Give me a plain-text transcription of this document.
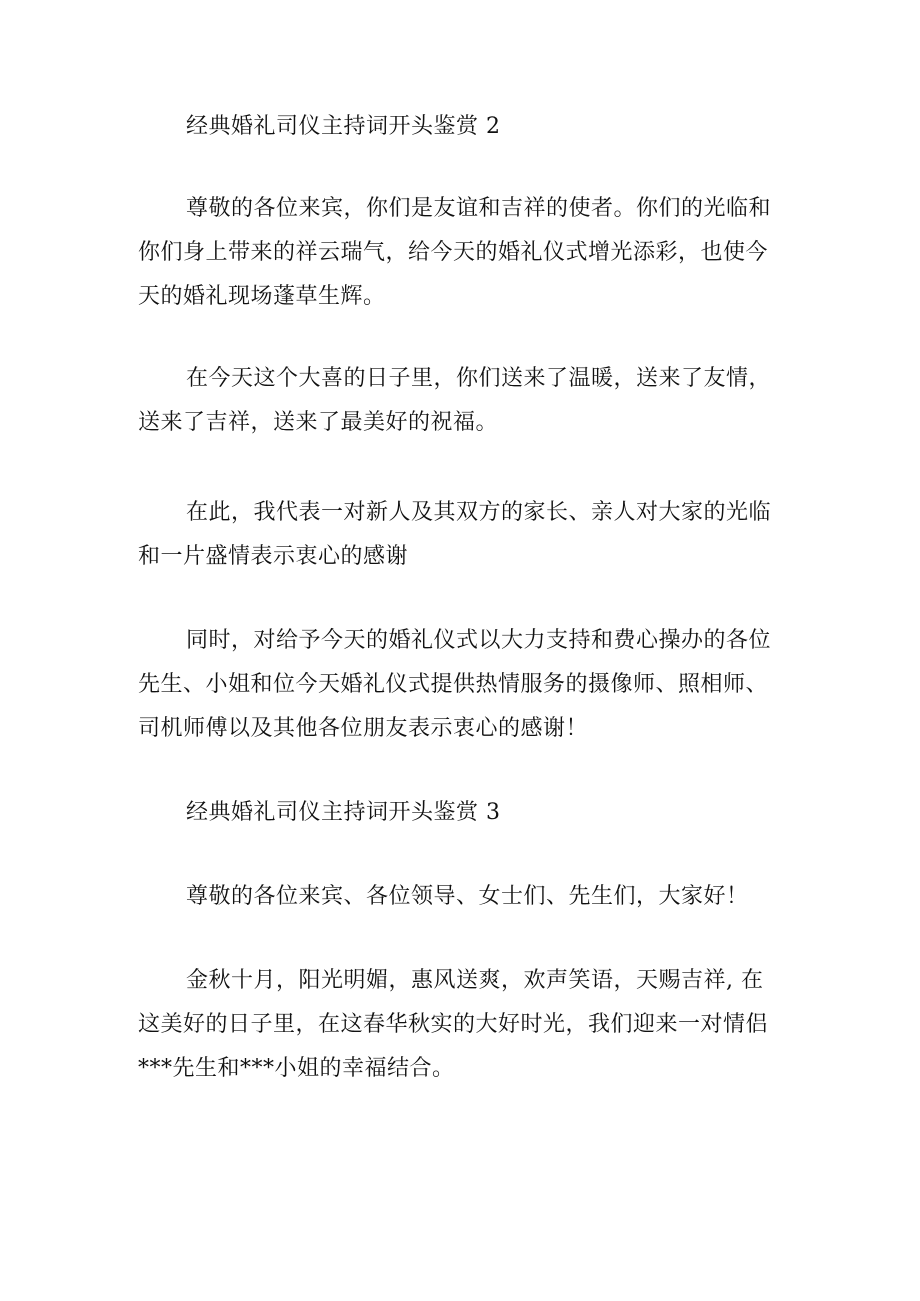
经典婚礼司仪主持词开头鉴赏 2
尊敬的各位来宾，你们是友谊和吉祥的使者。你们的光临和
你们身上带来的祥云瑞气，给今天的婚礼仪式增光添彩，也使今
天的婚礼现场蓬草生辉。
在今天这个大喜的日子里，你们送来了温暖，送来了友情，
送来了吉祥，送来了最美好的祝福。
在此，我代表一对新人及其双方的家长、亲人对大家的光临
和一片盛情表示衷心的感谢
同时，对给予今天的婚礼仪式以大力支持和费心操办的各位
先生、小姐和位今天婚礼仪式提供热情服务的摄像师、照相师、
司机师傅以及其他各位朋友表示衷心的感谢！
经典婚礼司仪主持词开头鉴赏 3
尊敬的各位来宾、各位领导、女士们、先生们，大家好！
金秋十月，阳光明媚，惠风送爽，欢声笑语，天赐吉祥, 在
这美好的日子里，在这春华秋实的大好时光，我们迎来一对情侣
***先生和***小姐的幸福结合。
